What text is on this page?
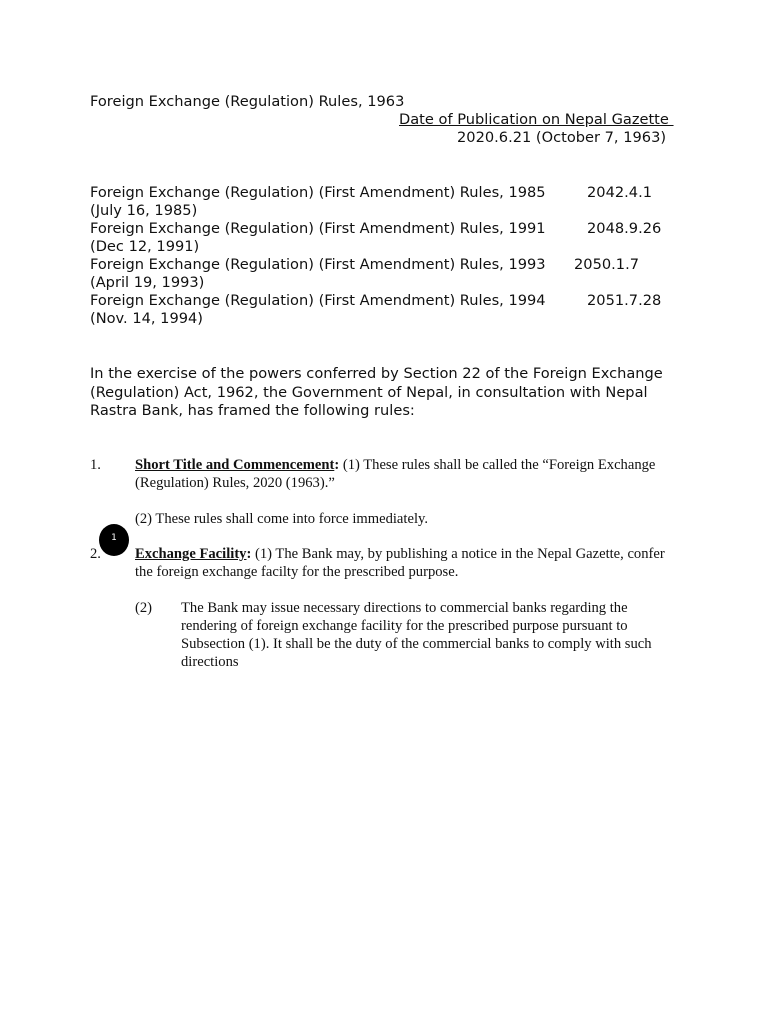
Foreign Exchange (Regulation) Rules, 1963
Date of Publication on Nepal Gazette
2020.6.21 (October 7, 1963)
Foreign Exchange (Regulation) (First Amendment) Rules, 1985	2042.4.1
(July 16, 1985)
Foreign Exchange (Regulation) (First Amendment) Rules, 1991	2048.9.26
(Dec 12, 1991)
Foreign Exchange (Regulation) (First Amendment) Rules, 1993 2050.1.7
(April 19, 1993)
Foreign Exchange (Regulation) (First Amendment) Rules, 1994	2051.7.28
(Nov. 14, 1994)
In the exercise of the powers conferred by Section 22 of the Foreign Exchange (Regulation) Act, 1962, the Government of Nepal, in consultation with Nepal Rastra Bank, has framed the following rules:
1. Short Title and Commencement: (1) These rules shall be called the “Foreign Exchange (Regulation) Rules, 2020 (1963).”
(2) These rules shall come into force immediately.
2.
1
Exchange Facility: (1) The Bank may, by publishing a notice in the Nepal Gazette, confer the foreign exchange facilty for the prescribed purpose.
(2) The Bank may issue necessary directions to commercial banks regarding the rendering of foreign exchange facility for the prescribed purpose pursuant to Subsection (1). It shall be the duty of the commercial banks to comply with such directions
